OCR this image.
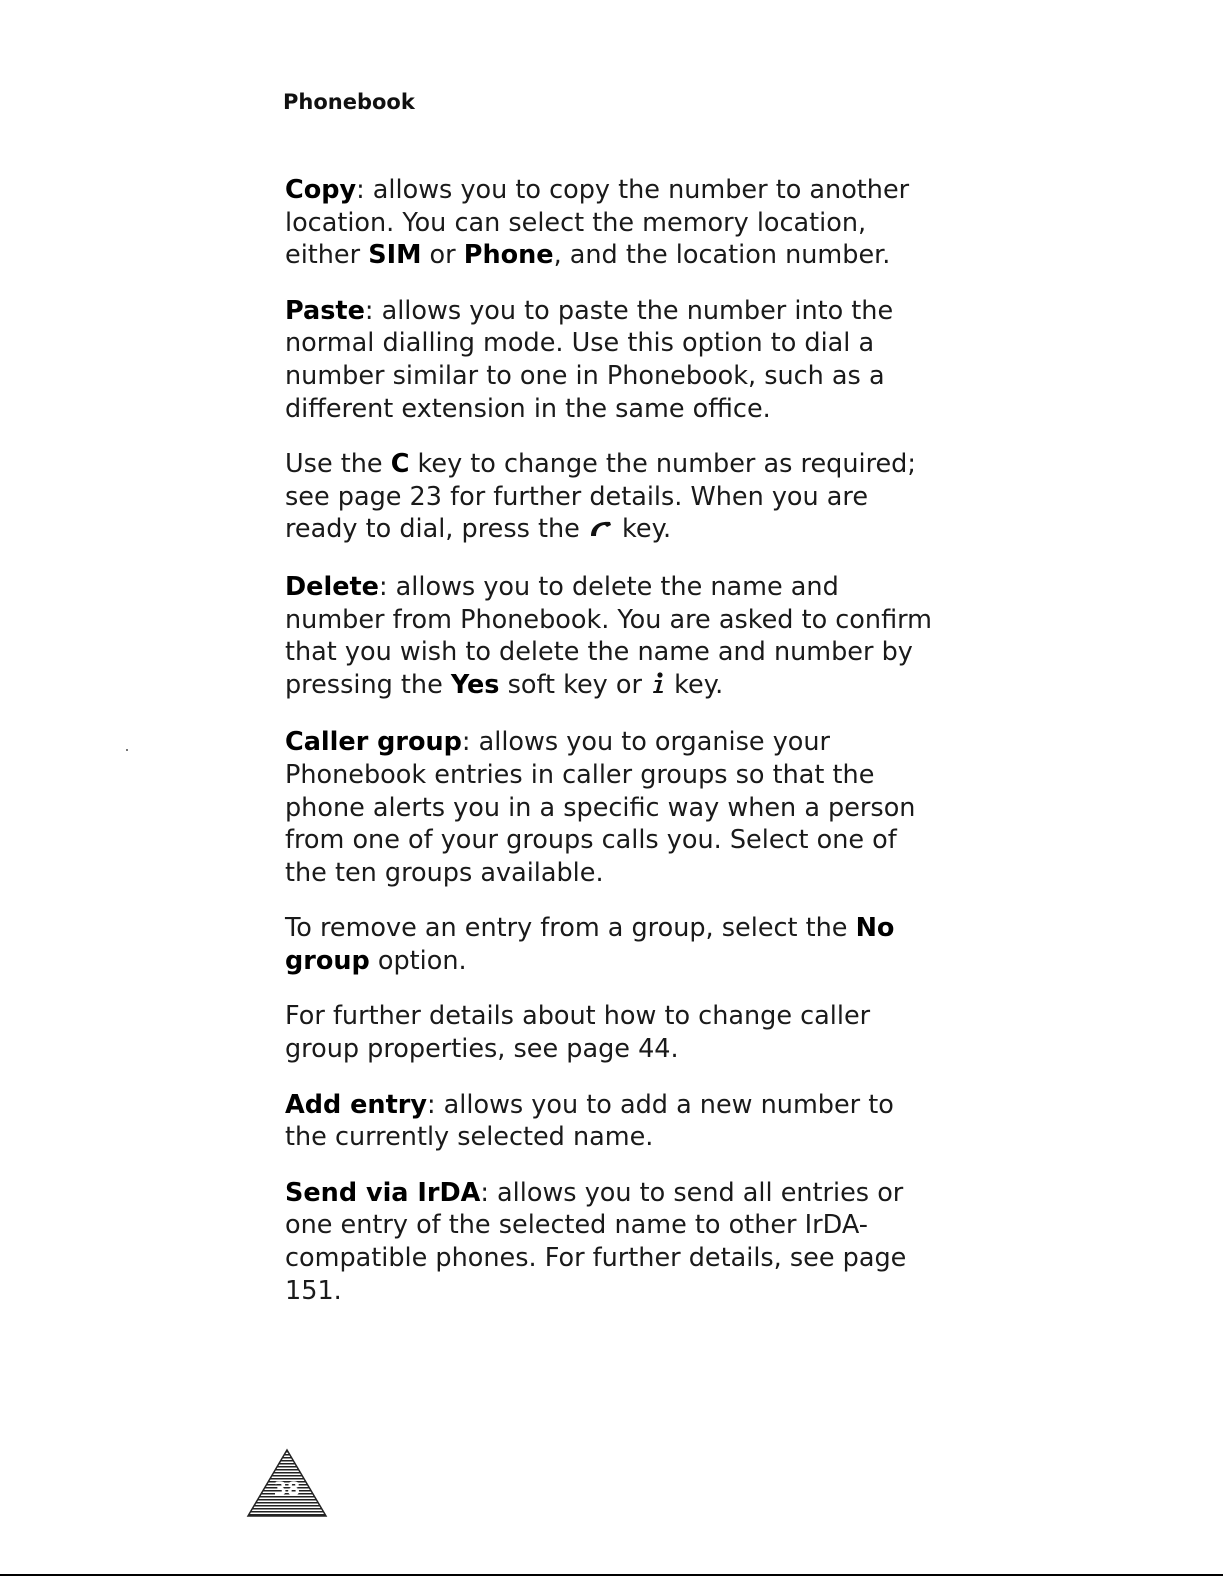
Phonebook

Copy: allows you to copy the number to another location. You can select the memory location, either SIM or Phone, and the location number.

Paste: allows you to paste the number into the normal dialling mode. Use this option to dial a number similar to one in Phonebook, such as a different extension in the same office.

Use the C key to change the number as required; see page 23 for further details. When you are ready to dial, press the  key.

Delete: allows you to delete the name and number from Phonebook. You are asked to confirm that you wish to delete the name and number by pressing the Yes soft key or  key.

Caller group: allows you to organise your Phonebook entries in caller groups so that the phone alerts you in a specific way when a person from one of your groups calls you. Select one of the ten groups available.

To remove an entry from a group, select the No group option.

For further details about how to change caller group properties, see page 44.

Add entry: allows you to add a new number to the currently selected name.

Send via IrDA: allows you to send all entries or one entry of the selected name to other IrDA-compatible phones. For further details, see page 151.

38
